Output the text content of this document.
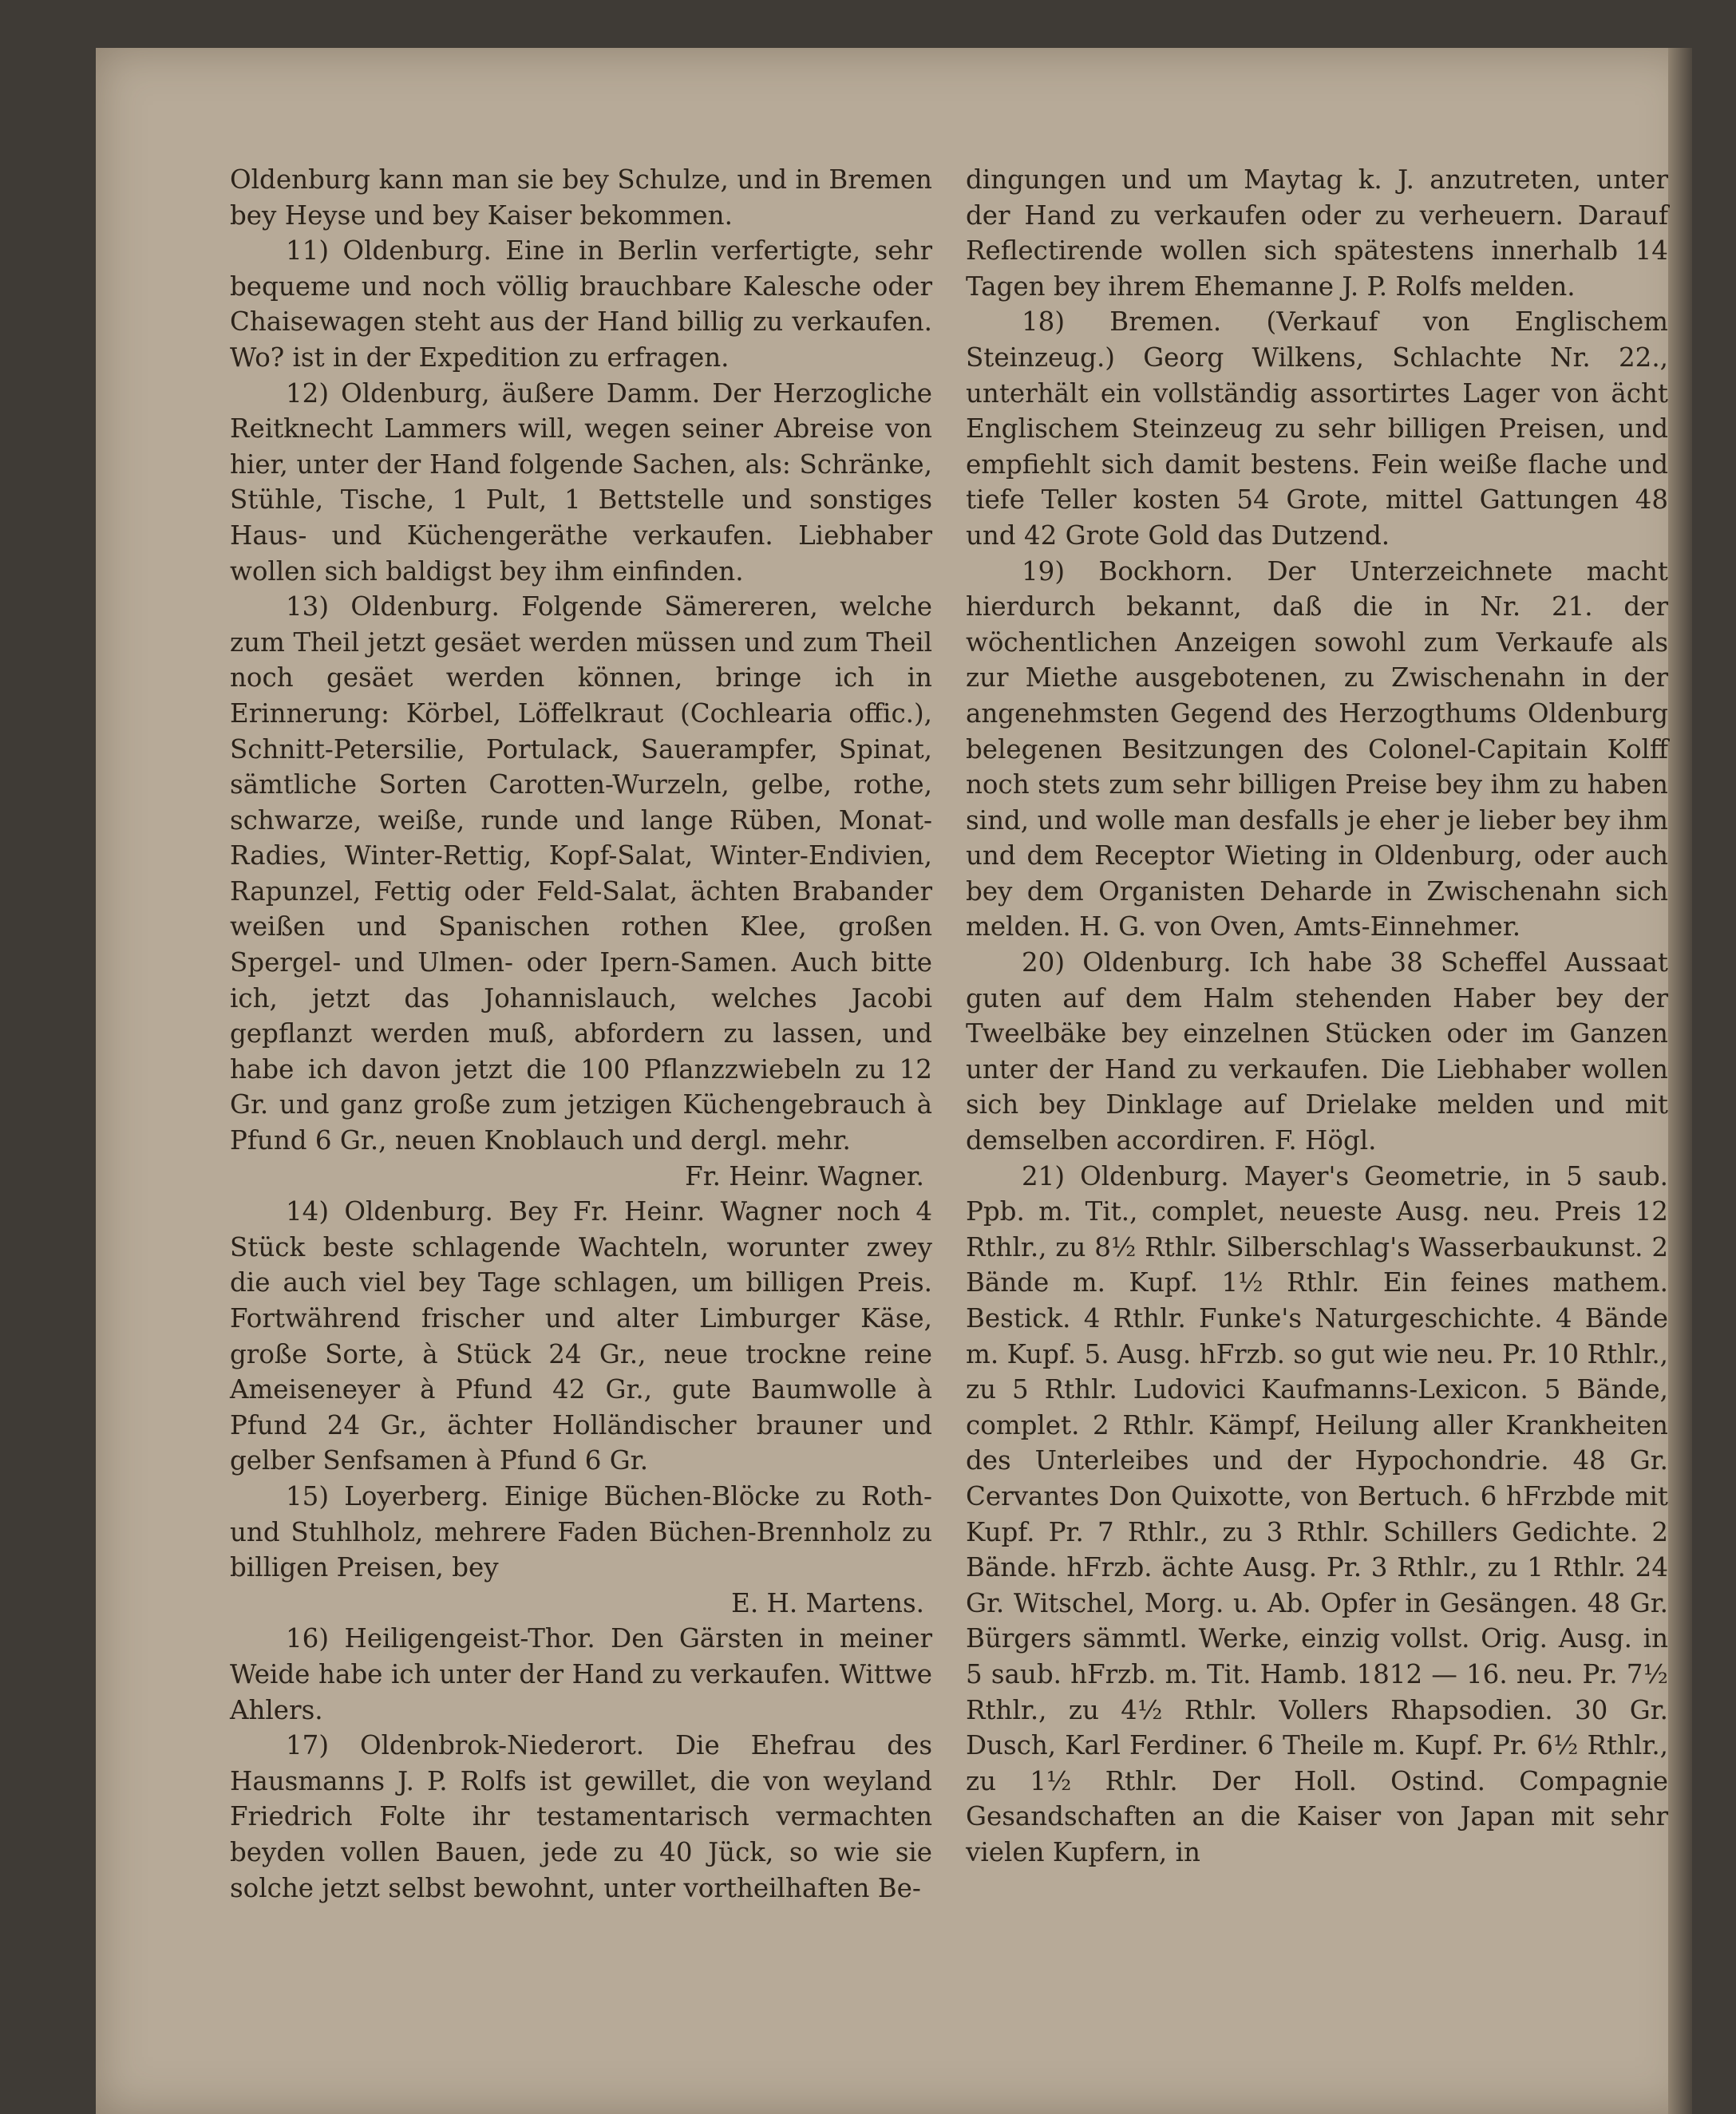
Oldenburg kann man sie bey Schulze, und in Bremen bey Heyse und bey Kaiser bekommen.

11) Oldenburg. Eine in Berlin verfertigte, sehr bequeme und noch völlig brauchbare Kalesche oder Chaisewagen steht aus der Hand billig zu verkaufen. Wo? ist in der Expedition zu erfragen.

12) Oldenburg, äußere Damm. Der Herzogliche Reitknecht Lammers will, wegen seiner Abreise von hier, unter der Hand folgende Sachen, als: Schränke, Stühle, Tische, 1 Pult, 1 Bettstelle und sonstiges Haus- und Küchengeräthe verkaufen. Liebhaber wollen sich baldigst bey ihm einfinden.

13) Oldenburg. Folgende Sämereren, welche zum Theil jetzt gesäet werden müssen und zum Theil noch gesäet werden können, bringe ich in Erinnerung: Körbel, Löffelkraut (Cochlearia offic.), Schnitt-Petersilie, Portulack, Sauerampfer, Spinat, sämtliche Sorten Carotten-Wurzeln, gelbe, rothe, schwarze, weiße, runde und lange Rüben, Monat-Radies, Winter-Rettig, Kopf-Salat, Winter-Endivien, Rapunzel, Fettig oder Feld-Salat, ächten Brabander weißen und Spanischen rothen Klee, großen Spergel- und Ulmen- oder Ipern-Samen. Auch bitte ich, jetzt das Johannislauch, welches Jacobi gepflanzt werden muß, abfordern zu lassen, und habe ich davon jetzt die 100 Pflanzzwiebeln zu 12 Gr. und ganz große zum jetzigen Küchengebrauch à Pfund 6 Gr., neuen Knoblauch und dergl. mehr.

Fr. Heinr. Wagner.

14) Oldenburg. Bey Fr. Heinr. Wagner noch 4 Stück beste schlagende Wachteln, worunter zwey die auch viel bey Tage schlagen, um billigen Preis. Fortwährend frischer und alter Limburger Käse, große Sorte, à Stück 24 Gr., neue trockne reine Ameiseneyer à Pfund 42 Gr., gute Baumwolle à Pfund 24 Gr., ächter Holländischer brauner und gelber Senfsamen à Pfund 6 Gr.

15) Loyerberg. Einige Büchen-Blöcke zu Roth- und Stuhlholz, mehrere Faden Büchen-Brennholz zu billigen Preisen, bey

E. H. Martens.

16) Heiligengeist-Thor. Den Gärsten in meiner Weide habe ich unter der Hand zu verkaufen. Wittwe Ahlers.

17) Oldenbrok-Niederort. Die Ehefrau des Hausmanns J. P. Rolfs ist gewillet, die von weyland Friedrich Folte ihr testamentarisch vermachten beyden vollen Bauen, jede zu 40 Jück, so wie sie solche jetzt selbst bewohnt, unter vortheilhaften Be-

dingungen und um Maytag k. J. anzutreten, unter der Hand zu verkaufen oder zu verheuern. Darauf Reflectirende wollen sich spätestens innerhalb 14 Tagen bey ihrem Ehemanne J. P. Rolfs melden.

18) Bremen. (Verkauf von Englischem Steinzeug.) Georg Wilkens, Schlachte Nr. 22., unterhält ein vollständig assortirtes Lager von ächt Englischem Steinzeug zu sehr billigen Preisen, und empfiehlt sich damit bestens. Fein weiße flache und tiefe Teller kosten 54 Grote, mittel Gattungen 48 und 42 Grote Gold das Dutzend.

19) Bockhorn. Der Unterzeichnete macht hierdurch bekannt, daß die in Nr. 21. der wöchentlichen Anzeigen sowohl zum Verkaufe als zur Miethe ausgebotenen, zu Zwischenahn in der angenehmsten Gegend des Herzogthums Oldenburg belegenen Besitzungen des Colonel-Capitain Kolff noch stets zum sehr billigen Preise bey ihm zu haben sind, und wolle man desfalls je eher je lieber bey ihm und dem Receptor Wieting in Oldenburg, oder auch bey dem Organisten Deharde in Zwischenahn sich melden. H. G. von Oven, Amts-Einnehmer.

20) Oldenburg. Ich habe 38 Scheffel Aussaat guten auf dem Halm stehenden Haber bey der Tweelbäke bey einzelnen Stücken oder im Ganzen unter der Hand zu verkaufen. Die Liebhaber wollen sich bey Dinklage auf Drielake melden und mit demselben accordiren. F. Högl.

21) Oldenburg. Mayer's Geometrie, in 5 saub. Ppb. m. Tit., complet, neueste Ausg. neu. Preis 12 Rthlr., zu 8½ Rthlr. Silberschlag's Wasserbaukunst. 2 Bände m. Kupf. 1½ Rthlr. Ein feines mathem. Bestick. 4 Rthlr. Funke's Naturgeschichte. 4 Bände m. Kupf. 5. Ausg. hFrzb. so gut wie neu. Pr. 10 Rthlr., zu 5 Rthlr. Ludovici Kaufmanns-Lexicon. 5 Bände, complet. 2 Rthlr. Kämpf, Heilung aller Krankheiten des Unterleibes und der Hypochondrie. 48 Gr. Cervantes Don Quixotte, von Bertuch. 6 hFrzbde mit Kupf. Pr. 7 Rthlr., zu 3 Rthlr. Schillers Gedichte. 2 Bände. hFrzb. ächte Ausg. Pr. 3 Rthlr., zu 1 Rthlr. 24 Gr. Witschel, Morg. u. Ab. Opfer in Gesängen. 48 Gr. Bürgers sämmtl. Werke, einzig vollst. Orig. Ausg. in 5 saub. hFrzb. m. Tit. Hamb. 1812 — 16. neu. Pr. 7½ Rthlr., zu 4½ Rthlr. Vollers Rhapsodien. 30 Gr. Dusch, Karl Ferdiner. 6 Theile m. Kupf. Pr. 6½ Rthlr., zu 1½ Rthlr. Der Holl. Ostind. Compagnie Gesandschaften an die Kaiser von Japan mit sehr vielen Kupfern, in
